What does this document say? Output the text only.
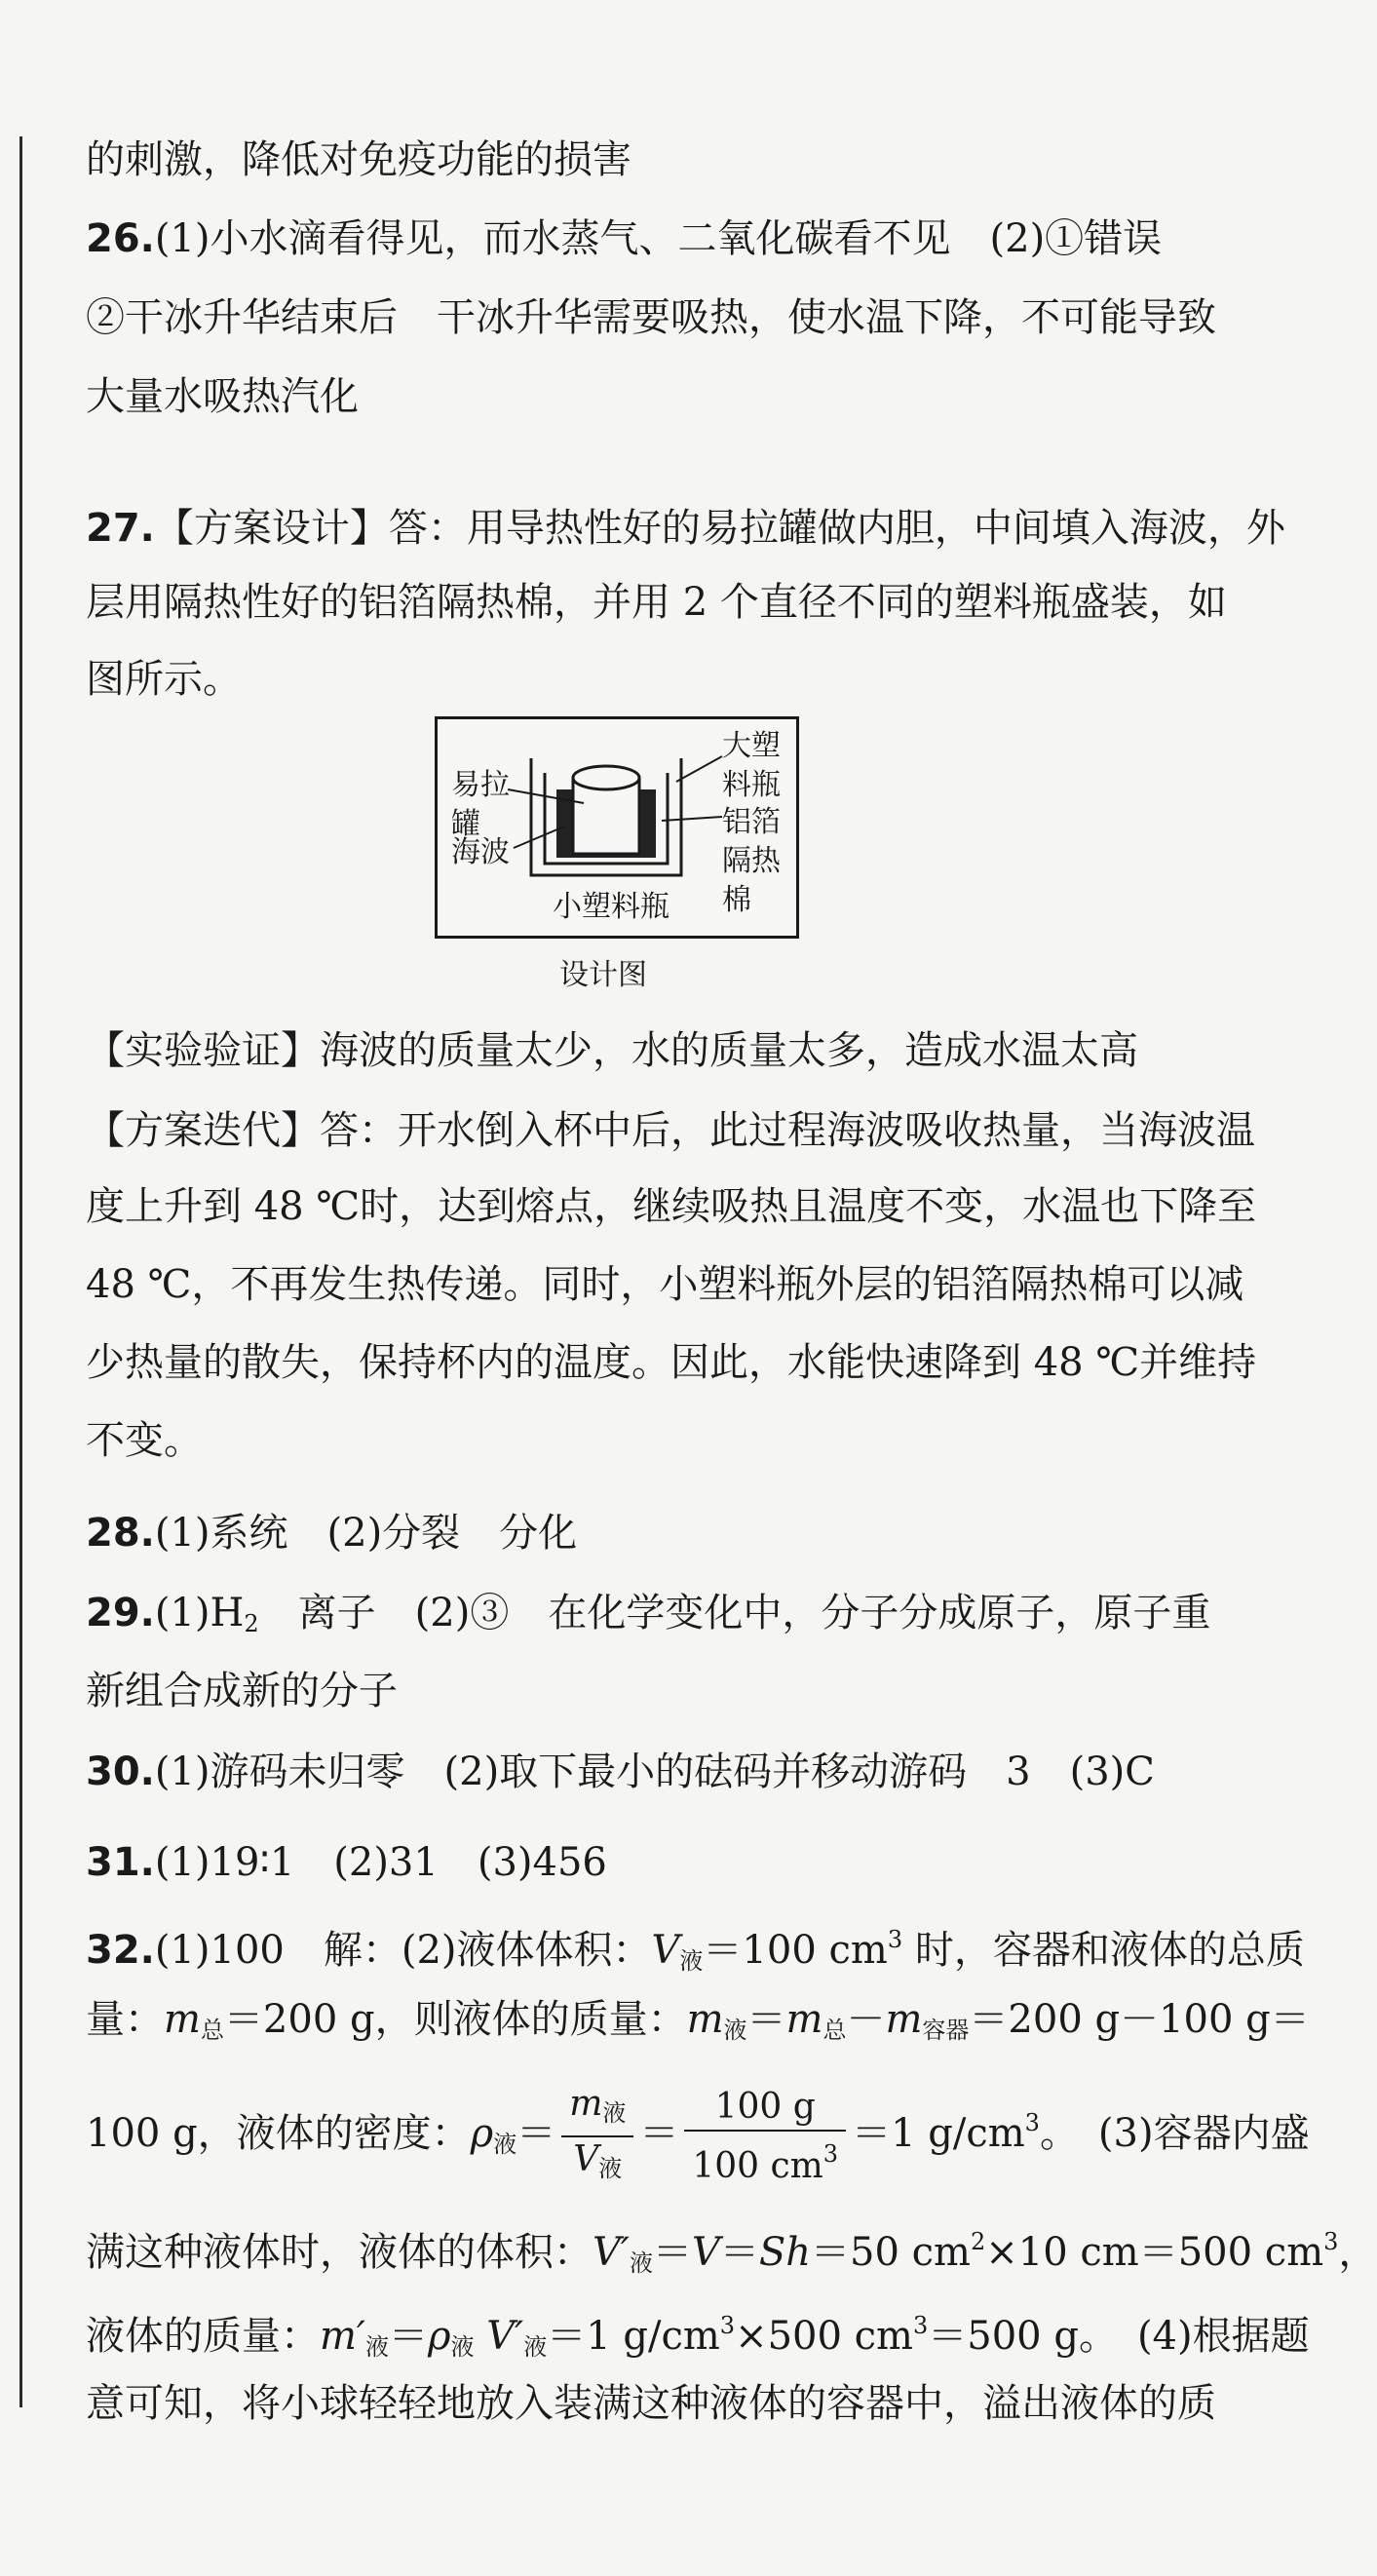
的刺激，降低对免疫功能的损害
26.(1)小水滴看得见，而水蒸气、二氧化碳看不见　(2)①错误
②干冰升华结束后　干冰升华需要吸热，使水温下降，不可能导致
大量水吸热汽化
27.【方案设计】答：用导热性好的易拉罐做内胆，中间填入海波，外
层用隔热性好的铝箔隔热棉，并用 2 个直径不同的塑料瓶盛装，如
图所示。
易拉罐
海波
大塑料瓶
铝箔隔热棉
小塑料瓶
设计图
【实验验证】海波的质量太少，水的质量太多，造成水温太高
【方案迭代】答：开水倒入杯中后，此过程海波吸收热量，当海波温
度上升到 48 ℃时，达到熔点，继续吸热且温度不变，水温也下降至
48 ℃，不再发生热传递。同时，小塑料瓶外层的铝箔隔热棉可以减
少热量的散失，保持杯内的温度。因此，水能快速降到 48 ℃并维持
不变。
28.(1)系统　(2)分裂　分化
$29.(1)H_2$　离子　(2)③　在化学变化中，分子分成原子，原子重
新组合成新的分子
30.(1)游码未归零　(2)取下最小的砝码并移动游码　3　(3)C
31.(1)19∶1　(2)31　(3)456
32.(1)100　解：(2)液体体积：$V_液=100$ $cm^3$ 时，容器和液体的总质
量：$m_总=200$ g，则液体的质量：$m_液=m_总-m_{容器}=200$ g－100 g＝
100 g，液体的密度：$\rho_液= \frac{m_液}{V_液} = \frac{100 g}{100 cm^3} =1$ $g/cm^3$。　(3)容器内盛
满这种液体时，液体的体积：$V'_液=V=Sh=50$ $cm^2\times 10$ cm＝500 $cm^3$，
液体的质量：$m'_液=\rho_液$ $V'_液=1$ $g/cm^3\times 500$ $cm^3=500$ g。　(4)根据题
意可知，将小球轻轻地放入装满这种液体的容器中，溢出液体的质
